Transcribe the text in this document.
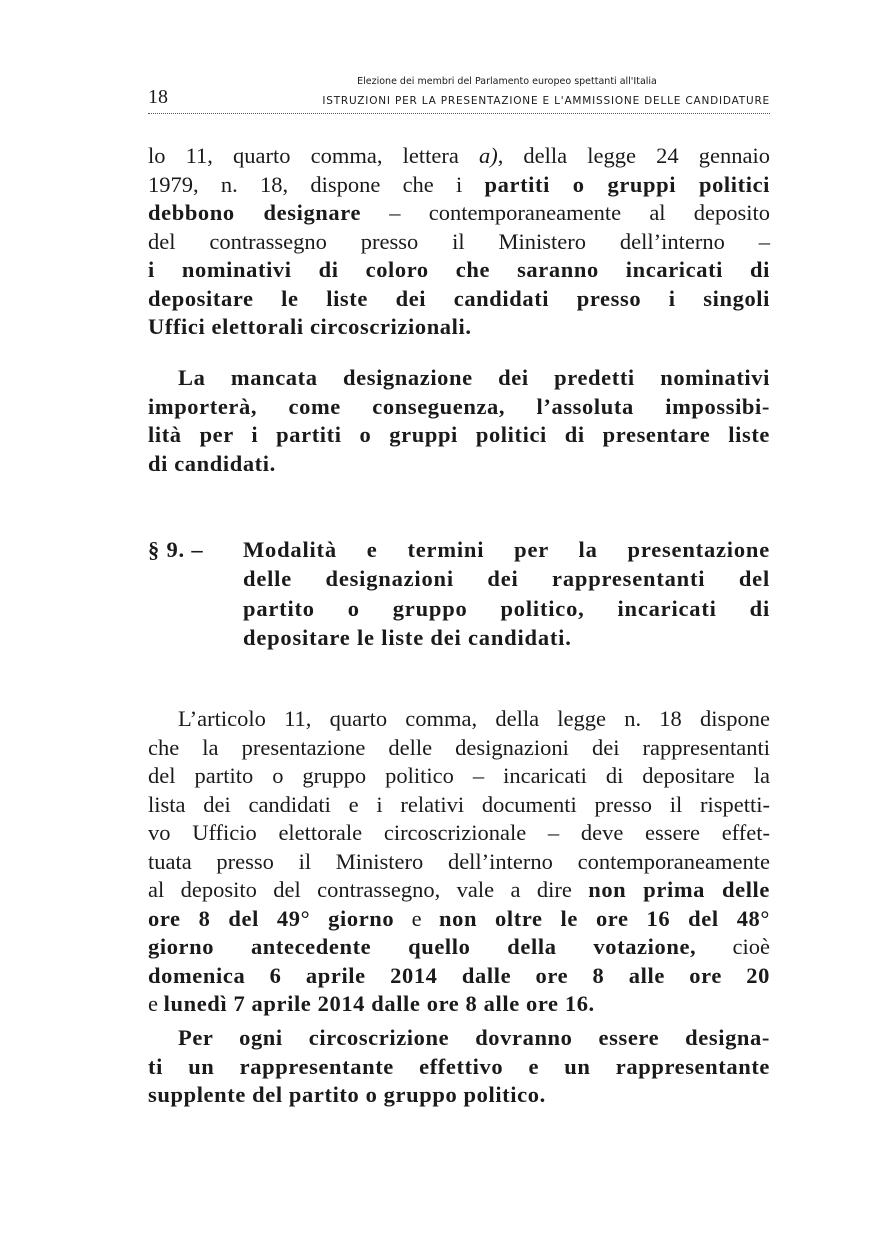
18
Elezione dei membri del Parlamento europeo spettanti all'Italia
ISTRUZIONI PER LA PRESENTAZIONE E L'AMMISSIONE DELLE CANDIDATURE
lo 11, quarto comma, lettera a), della legge 24 gennaio
1979, n. 18, dispone che i partiti o gruppi politici
debbono designare – contemporaneamente al deposito
del contrassegno presso il Ministero dell’interno –
i nominativi di coloro che saranno incaricati di
depositare le liste dei candidati presso i singoli
Uffici elettorali circoscrizionali.
La mancata designazione dei predetti nominativi
importerà, come conseguenza, l’assoluta impossibi-
lità per i partiti o gruppi politici di presentare liste
di candidati.
§ 9. – Modalità e termini per la presentazione
delle designazioni dei rappresentanti del
partito o gruppo politico, incaricati di
depositare le liste dei candidati.
L’articolo 11, quarto comma, della legge n. 18 dispone
che la presentazione delle designazioni dei rappresentanti
del partito o gruppo politico – incaricati di depositare la
lista dei candidati e i relativi documenti presso il rispetti-
vo Ufficio elettorale circoscrizionale – deve essere effet-
tuata presso il Ministero dell’interno contemporaneamente
al deposito del contrassegno, vale a dire non prima delle
ore 8 del 49° giorno e non oltre le ore 16 del 48°
giorno antecedente quello della votazione, cioè
domenica 6 aprile 2014 dalle ore 8 alle ore 20
e lunedì 7 aprile 2014 dalle ore 8 alle ore 16.
Per ogni circoscrizione dovranno essere designa-
ti un rappresentante effettivo e un rappresentante
supplente del partito o gruppo politico.
